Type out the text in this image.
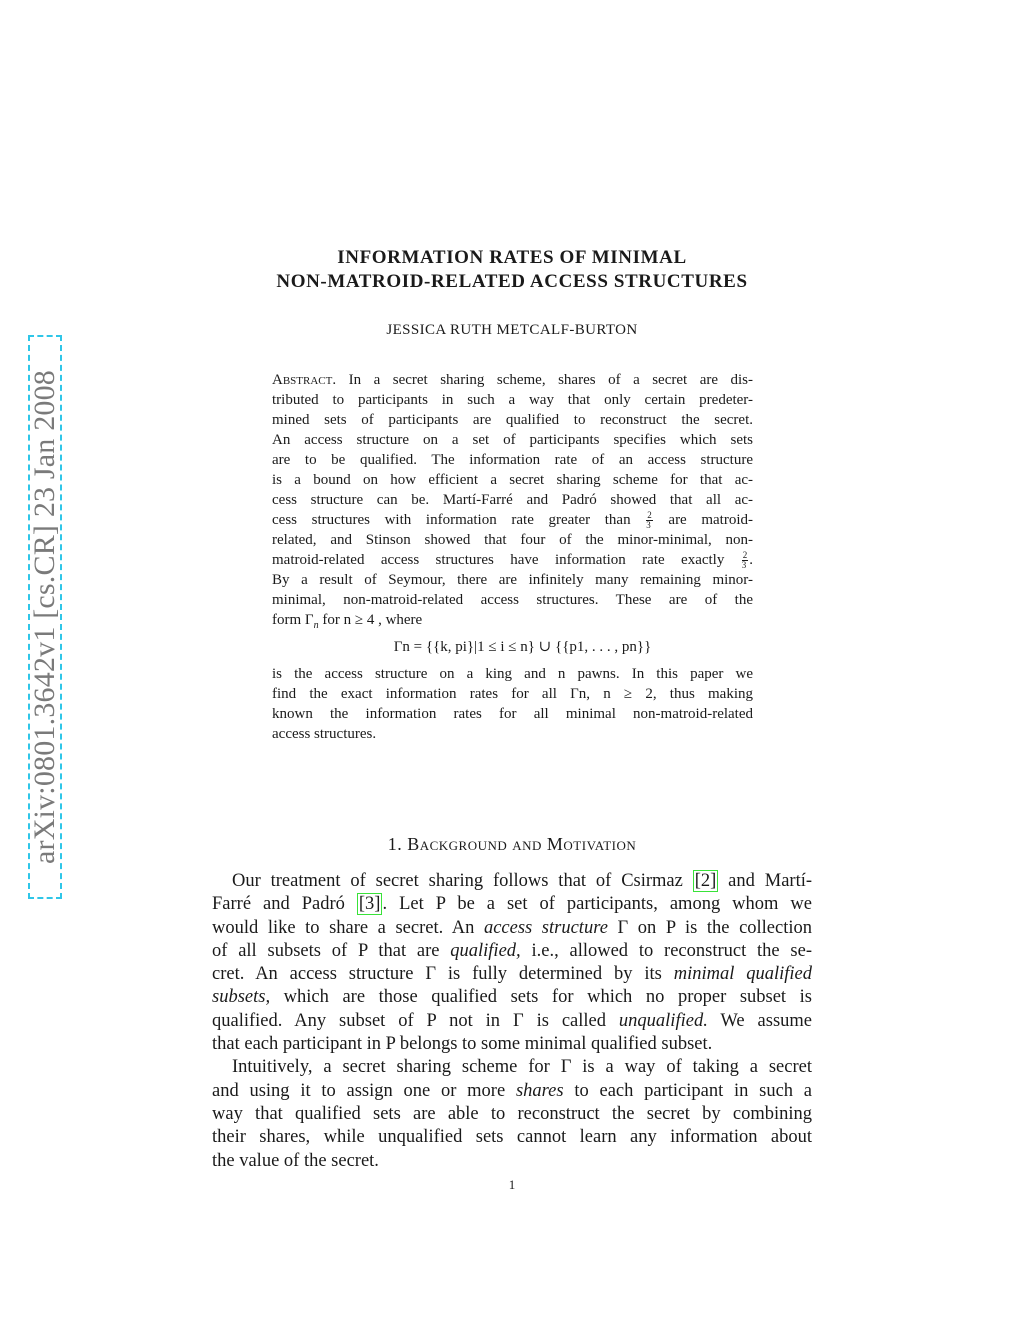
arXiv:0801.3642v1 [cs.CR] 23 Jan 2008
INFORMATION RATES OF MINIMAL
NON-MATROID-RELATED ACCESS STRUCTURES
JESSICA RUTH METCALF-BURTON
Abstract. In a secret sharing scheme, shares of a secret are dis-
tributed to participants in such a way that only certain predeter-
mined sets of participants are qualified to reconstruct the secret.
An access structure on a set of participants specifies which sets
are to be qualified. The information rate of an access structure
is a bound on how efficient a secret sharing scheme for that ac-
cess structure can be. Martí-Farré and Padró showed that all ac-
cess structures with information rate greater than $\frac{2}{3}$ are matroid-
related, and Stinson showed that four of the minor-minimal, non-
matroid-related access structures have information rate exactly $\frac{2}{3}$ .
By a result of Seymour, there are infinitely many remaining minor-
minimal, non-matroid-related access structures. These are of the
form $\Gamma_n$ for n ≥ 4 , where
Γn = {{k, pi}|1 ≤ i ≤ n} ∪ {{p1, . . . , pn}}
is the access structure on a king and n pawns. In this paper we
find the exact information rates for all Γn, n ≥ 2, thus making
known the information rates for all minimal non-matroid-related
access structures.
1. Background and Motivation
Our treatment of secret sharing follows that of Csirmaz [2] and Martí-
Farré and Padró [3] . Let P be a set of participants, among whom we
would like to share a secret. An access structure Γ on P is the collection
of all subsets of P that are qualified, i.e., allowed to reconstruct the se-
cret. An access structure Γ is fully determined by its minimal qualified
subsets, which are those qualified sets for which no proper subset is
qualified. Any subset of P not in Γ is called unqualified. We assume
that each participant in P belongs to some minimal qualified subset.
Intuitively, a secret sharing scheme for Γ is a way of taking a secret
and using it to assign one or more shares to each participant in such a
way that qualified sets are able to reconstruct the secret by combining
their shares, while unqualified sets cannot learn any information about
the value of the secret.
1
